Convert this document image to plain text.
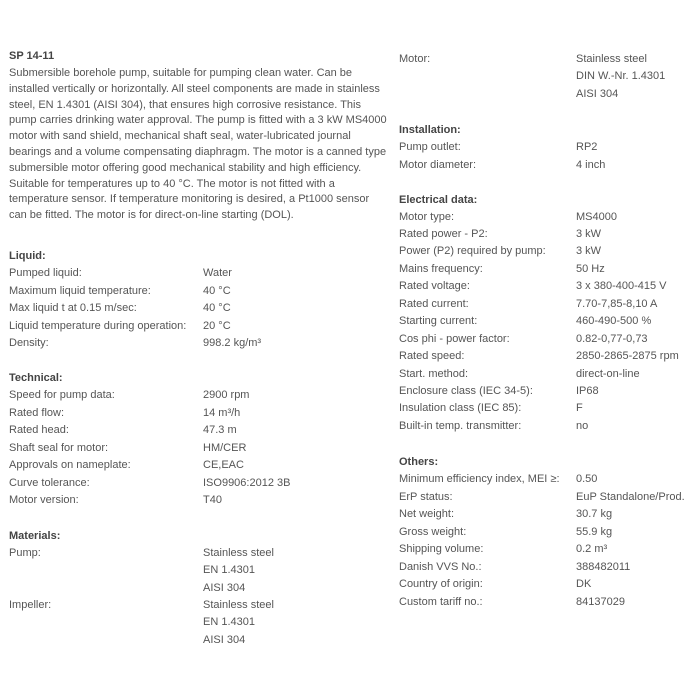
SP 14-11

Submersible borehole pump, suitable for pumping clean water. Can be installed vertically or horizontally. All steel components are made in stainless steel, EN 1.4301 (AISI 304), that ensures high corrosive resistance. This pump carries drinking water approval. The pump is fitted with a 3 kW MS4000 motor with sand shield, mechanical shaft seal, water-lubricated journal bearings and a volume compensating diaphragm. The motor is a canned type submersible motor offering good mechanical stability and high efficiency. Suitable for temperatures up to 40 °C. The motor is not fitted with a temperature sensor. If temperature monitoring is desired, a Pt1000 sensor can be fitted. The motor is for direct-on-line starting (DOL).

Liquid:
Pumped liquid:	Water
Maximum liquid temperature:	40 °C
Max liquid t at 0.15 m/sec:	40 °C
Liquid temperature during operation: 20 °C
Density:	998.2 kg/m³
Technical:
Speed for pump data:	2900 rpm
Rated flow:	14 m³/h
Rated head:	47.3 m
Shaft seal for motor:	HM/CER
Approvals on nameplate:	CE,EAC
Curve tolerance:	ISO9906:2012 3B
Motor version:	T40
Materials:
Pump:	Stainless steel
EN 1.4301
AISI 304
Impeller:	Stainless steel
EN 1.4301
AISI 304
Motor:	Stainless steel
DIN W.-Nr. 1.4301
AISI 304
Installation:
Pump outlet:	RP2
Motor diameter:	4 inch
Electrical data:
Motor type:	MS4000
Rated power - P2:	3 kW
Power (P2) required by pump:	3 kW
Mains frequency:	50 Hz
Rated voltage:	3 x 380-400-415 V
Rated current:	7.70-7,85-8,10 A
Starting current:	460-490-500 %
Cos phi - power factor:	0.82-0,77-0,73
Rated speed:	2850-2865-2875 rpm
Start. method:	direct-on-line
Enclosure class (IEC 34-5):	IP68
Insulation class (IEC 85):	F
Built-in temp. transmitter:	no
Others:
Minimum efficiency index, MEI ≥: 0.50
ErP status:	EuP Standalone/Prod.
Net weight:	30.7 kg
Gross weight:	55.9 kg
Shipping volume:	0.2 m³
Danish VVS No.:	388482011
Country of origin:	DK
Custom tariff no.:	84137029
